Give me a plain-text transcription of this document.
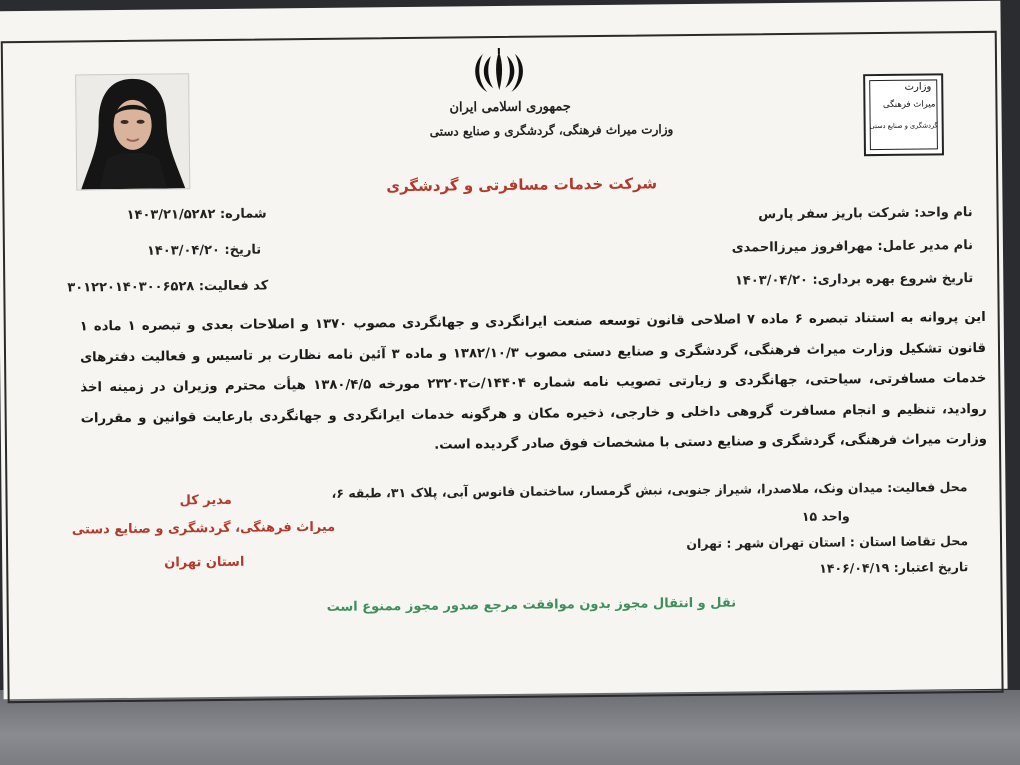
جمهوری اسلامی ایران
وزارت میراث فرهنگی، گردشگری و صنایع دستی
شرکت خدمات مسافرتی و گردشگری
وزارت
میراث فرهنگی
گردشگری و صنایع دستی
نام واحد: شرکت باریز سفر پارس
نام مدیر عامل: مهرافروز میرزااحمدی
تاریخ شروع بهره برداری: ۱۴۰۳/۰۴/۲۰
شماره: ۱۴۰۳/۲۱/۵۲۸۲
تاریخ: ۱۴۰۳/۰۴/۲۰
کد فعالیت: ۳۰۱۲۲۰۱۴۰۳۰۰۶۵۲۸
این پروانه به استناد تبصره ۶ ماده ۷ اصلاحی قانون توسعه صنعت ایرانگردی و جهانگردی مصوب ۱۳۷۰ و اصلاحات بعدی و تبصره ۱ ماده ۱ قانون تشکیل وزارت میراث فرهنگی، گردشگری و صنایع دستی مصوب ۱۳۸۲/۱۰/۳ و ماده ۳ آئین نامه نظارت بر تاسیس و فعالیت دفترهای خدمات مسافرتی، سیاحتی، جهانگردی و زیارتی تصویب نامه شماره ۱۴۴۰۴/ت۲۳۲۰۳ مورخه ۱۳۸۰/۴/۵ هیأت محترم وزیران در زمینه اخذ روادید، تنظیم و انجام مسافرت گروهی داخلی و خارجی، ذخیره مکان و هرگونه خدمات ایرانگردی و جهانگردی بارعایت قوانین و مقررات وزارت میراث فرهنگی، گردشگری و صنایع دستی با مشخصات فوق صادر گردیده است.
محل فعالیت: میدان ونک، ملاصدرا، شیراز جنوبی، نبش گرمسار، ساختمان فانوس آبی، پلاک ۳۱، طبقه ۶،
واحد ۱۵
محل تقاضا استان : استان تهران شهر : تهران
تاریخ اعتبار: ۱۴۰۶/۰۴/۱۹
مدیر کل
میراث فرهنگی، گردشگری و صنایع دستی
استان تهران
نقل و انتقال مجوز بدون موافقت مرجع صدور مجوز ممنوع است
